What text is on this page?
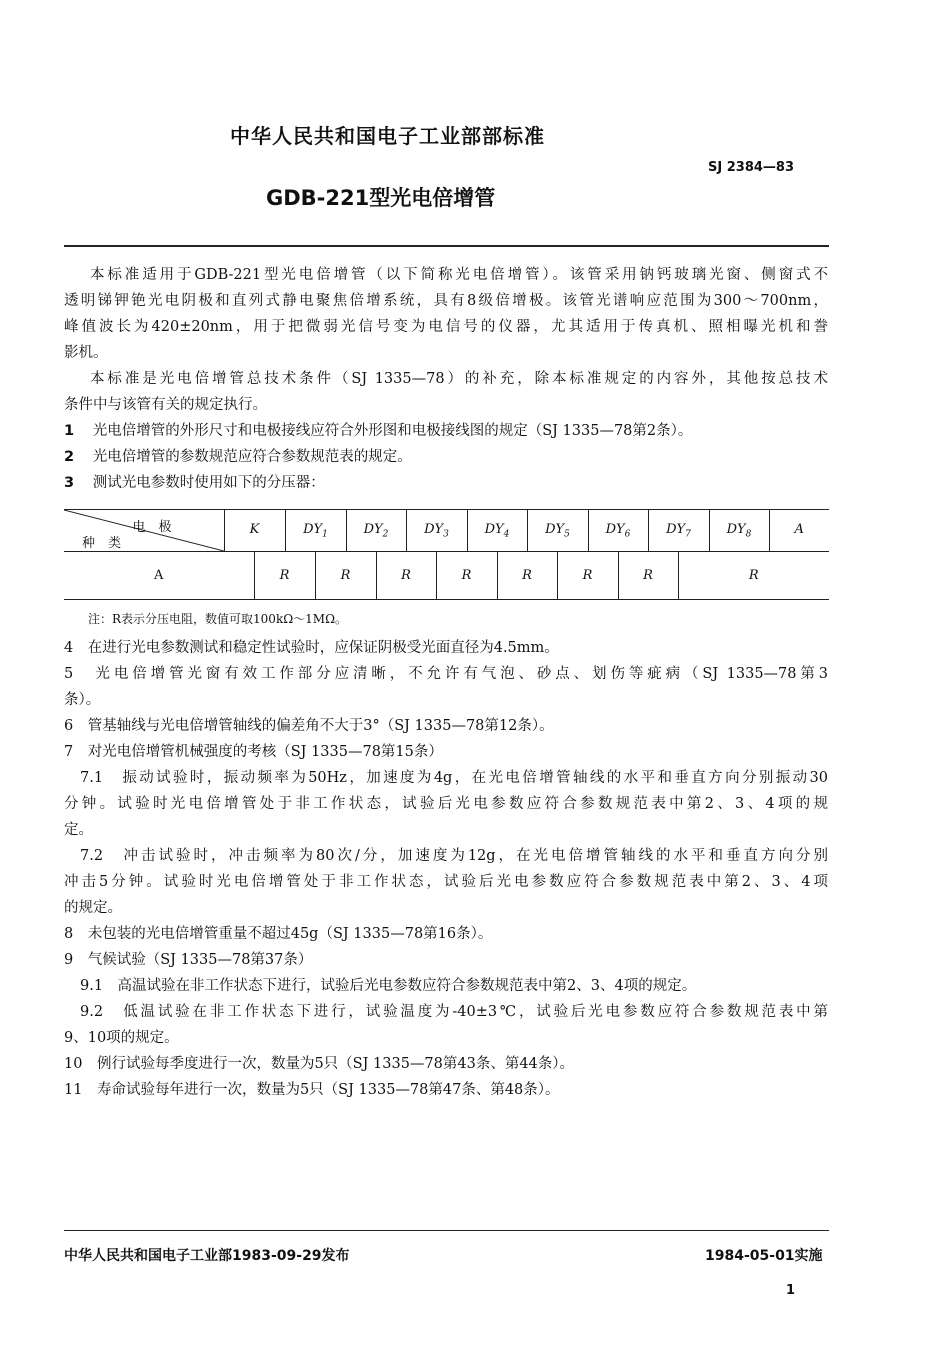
中华人民共和国电子工业部部标准
SJ 2384—83
GDB-221型光电倍增管
本标准适用于GDB-221型光电倍增管（以下简称光电倍增管）。该管采用钠钙玻璃光窗、侧窗式不
透明锑钾铯光电阴极和直列式静电聚焦倍增系统，具有8级倍增极。该管光谱响应范围为300～700nm，
峰值波长为420±20nm，用于把微弱光信号变为电信号的仪器，尤其适用于传真机、照相曝光机和誊
影机。
本标准是光电倍增管总技术条件（SJ 1335—78）的补充，除本标准规定的内容外，其他按总技术
条件中与该管有关的规定执行。
1 光电倍增管的外形尺寸和电极接线应符合外形图和电极接线图的规定（SJ 1335—78第2条）。
2 光电倍增管的参数规范应符合参数规范表的规定。
3 测试光电参数时使用如下的分压器：
电　极
种　类
	K	$DY_1$	$DY_2$	$DY_3$	$DY_4$	$DY_5$	$DY_6$	$DY_7$	$DY_8$	A
A	R	R	R	R	R	R	R	R
注：R表示分压电阻，数值可取100kΩ～1MΩ。
4　在进行光电参数测试和稳定性试验时，应保证阴极受光面直径为4.5mm。
5　光电倍增管光窗有效工作部分应清晰，不允许有气泡、砂点、划伤等疵病（SJ 1335—78第3
条）。
6　管基轴线与光电倍增管轴线的偏差角不大于3°（SJ 1335—78第12条）。
7　对光电倍增管机械强度的考核（SJ 1335—78第15条）
7.1　振动试验时，振动频率为50Hz，加速度为4g，在光电倍增管轴线的水平和垂直方向分别振动30
分钟。试验时光电倍增管处于非工作状态，试验后光电参数应符合参数规范表中第2、3、4项的规
定。
7.2　冲击试验时，冲击频率为80次/分，加速度为12g，在光电倍增管轴线的水平和垂直方向分别
冲击5分钟。试验时光电倍增管处于非工作状态，试验后光电参数应符合参数规范表中第2、3、4项
的规定。
8　未包装的光电倍增管重量不超过45g（SJ 1335—78第16条）。
9　气候试验（SJ 1335—78第37条）
9.1　高温试验在非工作状态下进行，试验后光电参数应符合参数规范表中第2、3、4项的规定。
9.2　低温试验在非工作状态下进行，试验温度为-40±3℃，试验后光电参数应符合参数规范表中第
9、10项的规定。
10　例行试验每季度进行一次，数量为5只（SJ 1335—78第43条、第44条）。
11　寿命试验每年进行一次，数量为5只（SJ 1335—78第47条、第48条）。
中华人民共和国电子工业部1983-09-29发布	1984-05-01实施
1
